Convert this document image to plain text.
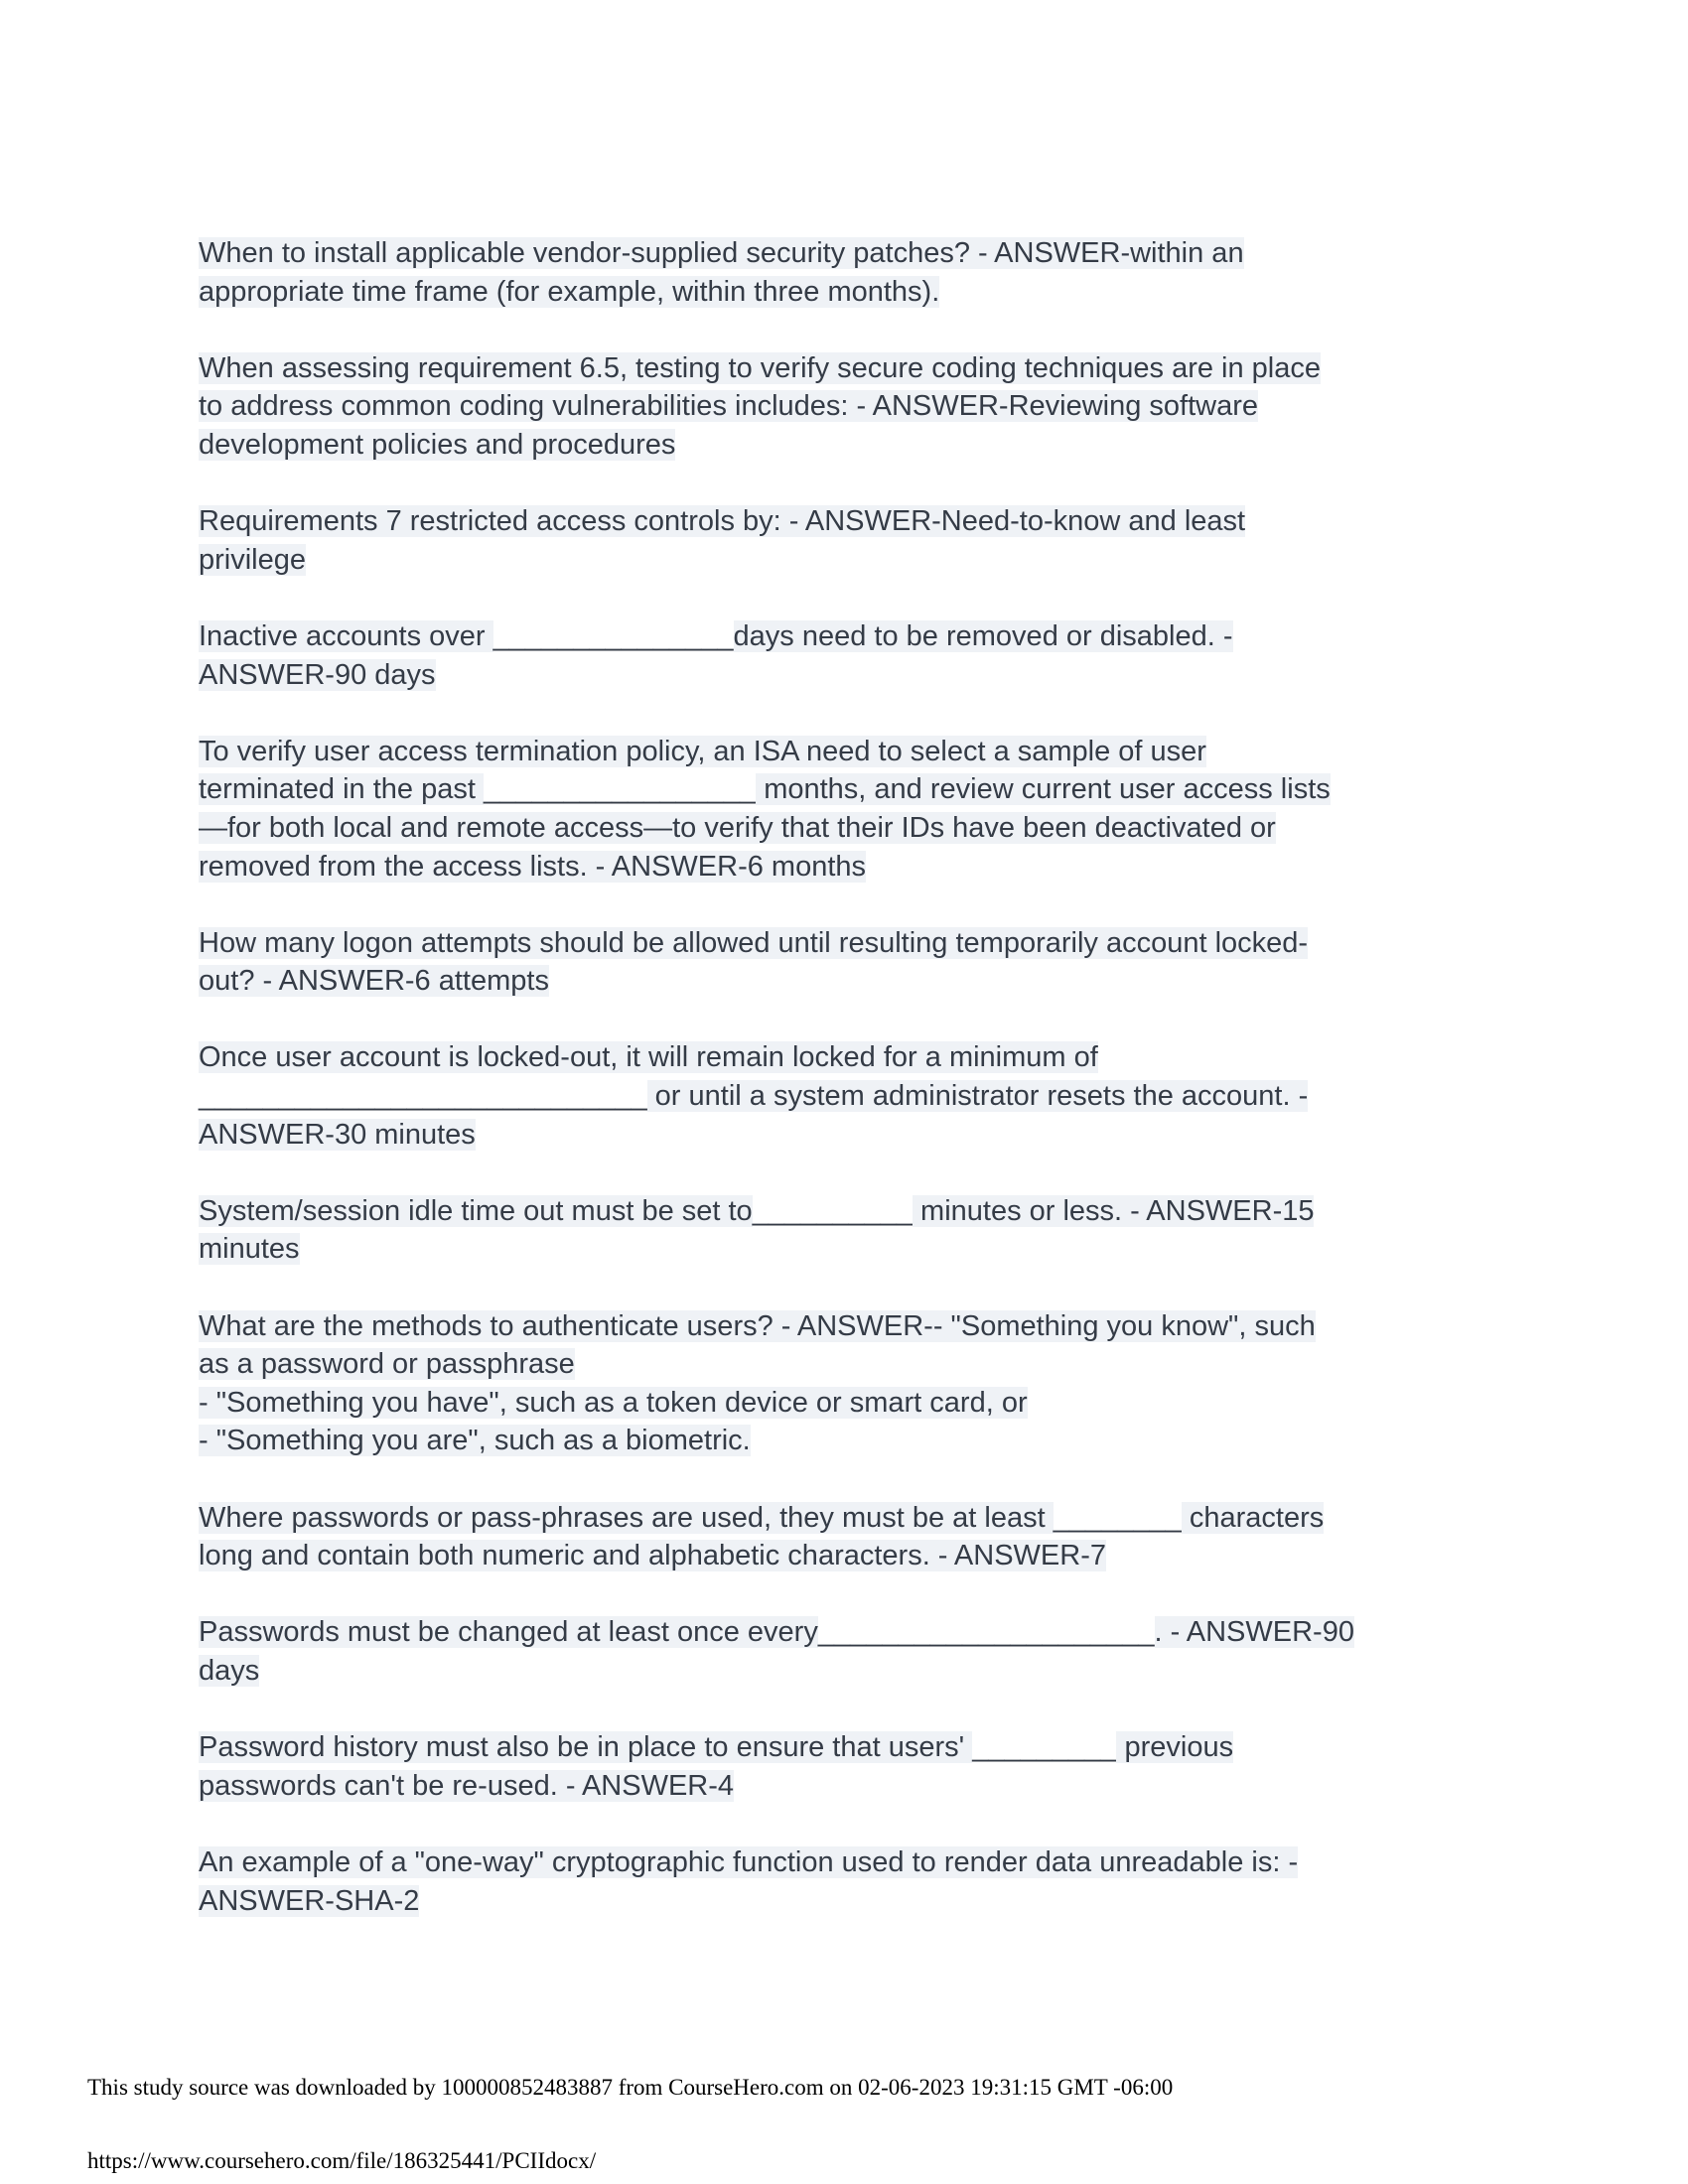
When to install applicable vendor-supplied security patches? - ANSWER-within an
appropriate time frame (for example, within three months).
When assessing requirement 6.5, testing to verify secure coding techniques are in place
to address common coding vulnerabilities includes: - ANSWER-Reviewing software
development policies and procedures
Requirements 7 restricted access controls by: - ANSWER-Need-to-know and least
privilege
Inactive accounts over _______________days need to be removed or disabled. -
ANSWER-90 days
To verify user access termination policy, an ISA need to select a sample of user
terminated in the past _________________ months, and review current user access lists
—for both local and remote access—to verify that their IDs have been deactivated or
removed from the access lists. - ANSWER-6 months
How many logon attempts should be allowed until resulting temporarily account locked-
out? - ANSWER-6 attempts
Once user account is locked-out, it will remain locked for a minimum of
____________________________ or until a system administrator resets the account. -
ANSWER-30 minutes
System/session idle time out must be set to__________ minutes or less. - ANSWER-15
minutes
What are the methods to authenticate users? - ANSWER-- "Something you know", such
as a password or passphrase
- "Something you have", such as a token device or smart card, or
- "Something you are", such as a biometric.
Where passwords or pass-phrases are used, they must be at least ________ characters
long and contain both numeric and alphabetic characters. - ANSWER-7
Passwords must be changed at least once every_____________________. - ANSWER-90
days
Password history must also be in place to ensure that users' _________ previous
passwords can't be re-used. - ANSWER-4
An example of a "one-way" cryptographic function used to render data unreadable is: -
ANSWER-SHA-2
This study source was downloaded by 100000852483887 from CourseHero.com on 02-06-2023 19:31:15 GMT -06:00
https://www.coursehero.com/file/186325441/PCIIdocx/
